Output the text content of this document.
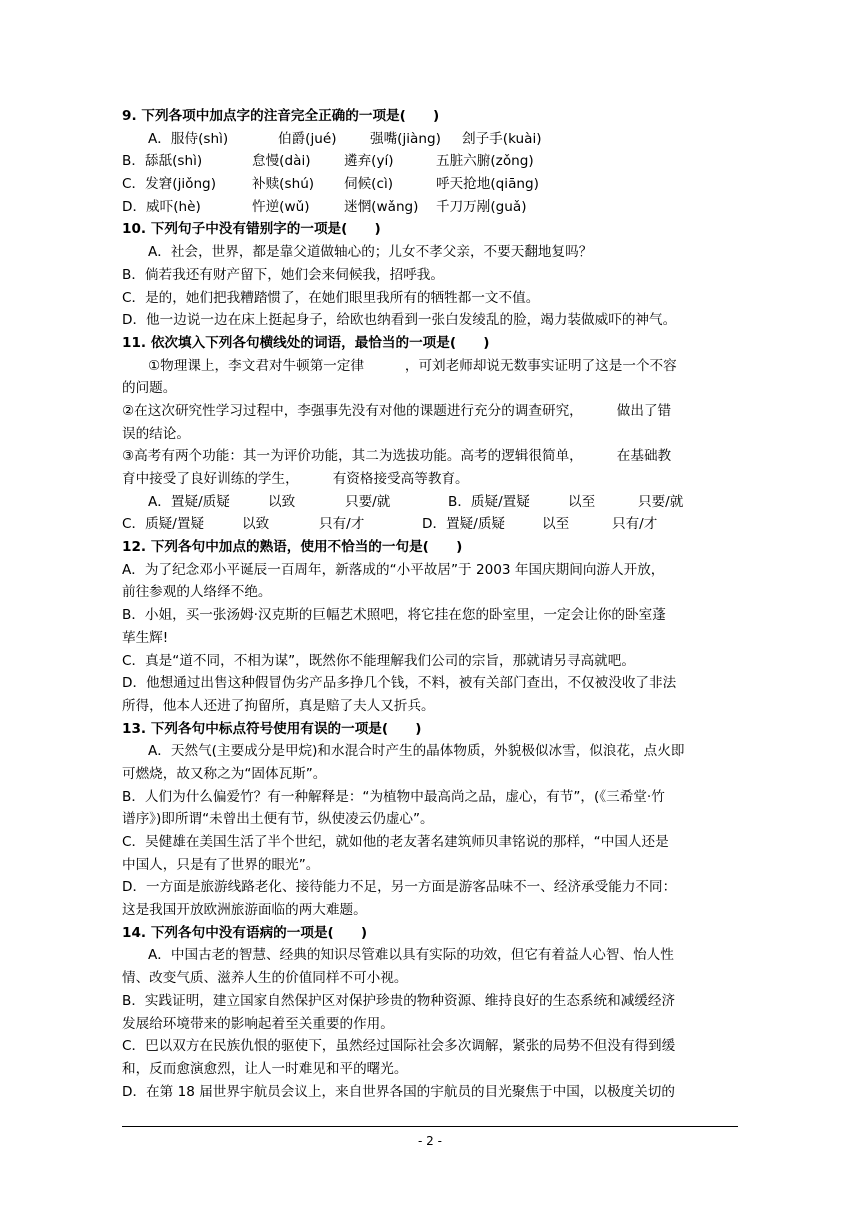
9. 下列各项中加点字的注音完全正确的一项是(　　)
A．服侍(shì)	伯爵(jué) 强嘴(jiàng) 刽子手(kuài)
B．舔舐(shì)	怠慢(dài) 遴弃(yí)	五脏六腑(zǒng)
C．发窘(jiǒng)	补赎(shú) 伺候(cì)	呼天抢地(qiāng)
D．威吓(hè)	忤逆(wǔ)	迷惘(wǎng) 千刀万剐(guǎ)
10. 下列句子中没有错别字的一项是(　　)
A．社会，世界，都是靠父道做轴心的；儿女不孝父亲，不要天翻地复吗？
B．倘若我还有财产留下，她们会来伺候我，招呼我。
C．是的，她们把我糟踏惯了，在她们眼里我所有的牺牲都一文不值。
D．他一边说一边在床上挺起身子，给欧也纳看到一张白发绫乱的脸，竭力装做威吓的神气。
11. 依次填入下列各句横线处的词语，最恰当的一项是(　　)
①物理课上，李文君对牛顿第一定律　　　，可刘老师却说无数事实证明了这是一个不容
的问题。
②在这次研究性学习过程中，李强事先没有对他的课题进行充分的调查研究，　　　做出了错
误的结论。
③高考有两个功能：其一为评价功能，其二为选拔功能。高考的逻辑很简单，　　　在基础教
育中接受了良好训练的学生，　　　有资格接受高等教育。
A．置疑/质疑	以致	只要/就	B．质疑/置疑	以至	只要/就
C．质疑/置疑	以致	只有/才	D．置疑/质疑	以至	只有/才
12. 下列各句中加点的熟语，使用不恰当的一句是(　　)
A．为了纪念邓小平诞辰一百周年，新落成的“小平故居”于 2003 年国庆期间向游人开放，
前往参观的人络绎不绝。
B．小姐，买一张汤姆·汉克斯的巨幅艺术照吧，将它挂在您的卧室里，一定会让你的卧室蓬
荜生辉!
C．真是“道不同，不相为谋”，既然你不能理解我们公司的宗旨，那就请另寻高就吧。
D．他想通过出售这种假冒伪劣产品多挣几个钱，不料，被有关部门查出，不仅被没收了非法
所得，他本人还进了拘留所，真是赔了夫人又折兵。
13. 下列各句中标点符号使用有误的一项是(　　)
A．天然气(主要成分是甲烷)和水混合时产生的晶体物质，外貌极似冰雪，似浪花，点火即
可燃烧，故又称之为“固体瓦斯”。
B．人们为什么偏爱竹？有一种解释是：“为植物中最高尚之品，虚心，有节”，(《三希堂·竹
谱序》)即所谓“未曾出土便有节，纵使凌云仍虚心”。
C．吴健雄在美国生活了半个世纪，就如他的老友著名建筑师贝聿铭说的那样，“中国人还是
中国人，只是有了世界的眼光”。
D．一方面是旅游线路老化、接待能力不足，另一方面是游客品味不一、经济承受能力不同：
这是我国开放欧洲旅游面临的两大难题。
14. 下列各句中没有语病的一项是(　　)
A．中国古老的智慧、经典的知识尽管难以具有实际的功效，但它有着益人心智、怡人性
情、改变气质、滋养人生的价值同样不可小视。
B．实践证明，建立国家自然保护区对保护珍贵的物种资源、维持良好的生态系统和减缓经济
发展给环境带来的影响起着至关重要的作用。
C．巴以双方在民族仇恨的驱使下，虽然经过国际社会多次调解，紧张的局势不但没有得到缓
和，反而愈演愈烈，让人一时难见和平的曙光。
D．在第 18 届世界宇航员会议上，来自世界各国的宇航员的目光聚焦于中国，以极度关切的
- 2 -
